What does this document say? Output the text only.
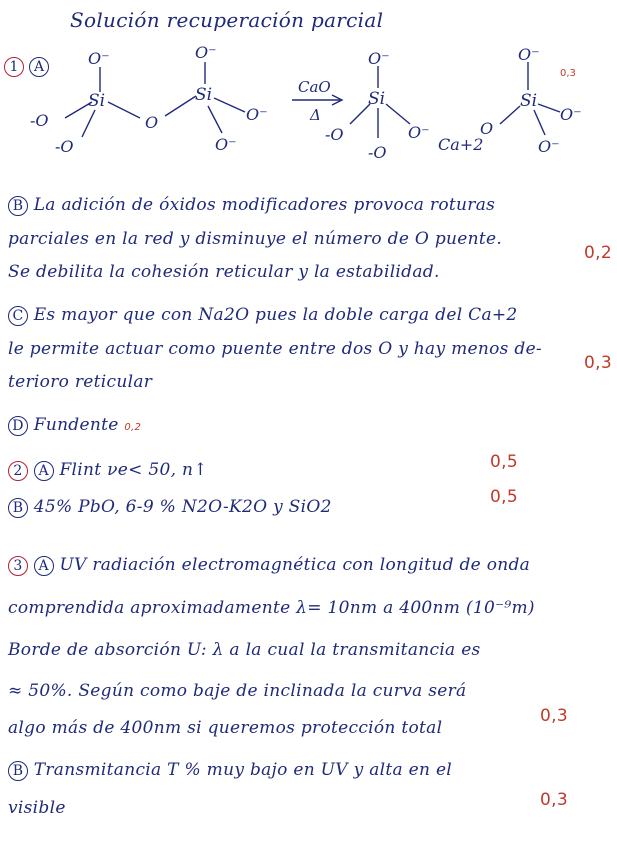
Solución recuperación parcial
1 A	O⁻
Si
-O	O
-O
O⁻
Si
O⁻
O⁻
CaO
Δ
O⁻
Si
-O
-O
O⁻
Ca+2
O
O⁻
Si
O⁻
O⁻
0,3
B La adición de óxidos modificadores provoca roturas
parciales en la red y disminuye el número de O puente.
0,2
Se debilita la cohesión reticular y la estabilidad.
C Es mayor que con Na2O pues la doble carga del Ca+2
le permite actuar como puente entre dos O y hay menos de-
0,3
terioro reticular
D Fundente 0,2
2 A Flint νe< 50, n↑	0,5
B 45% PbO, 6-9 % N2O-K2O y SiO2	0,5
3 A UV radiación electromagnética con longitud de onda
comprendida aproximadamente λ= 10nm a 400nm (10⁻⁹m)
Borde de absorción U: λ a la cual la transmitancia es
≈ 50%. Según como baje de inclinada la curva será
algo más de 400nm si queremos protección total
0,3
B Transmitancia T % muy bajo en UV y alta en el
0,3
visible
